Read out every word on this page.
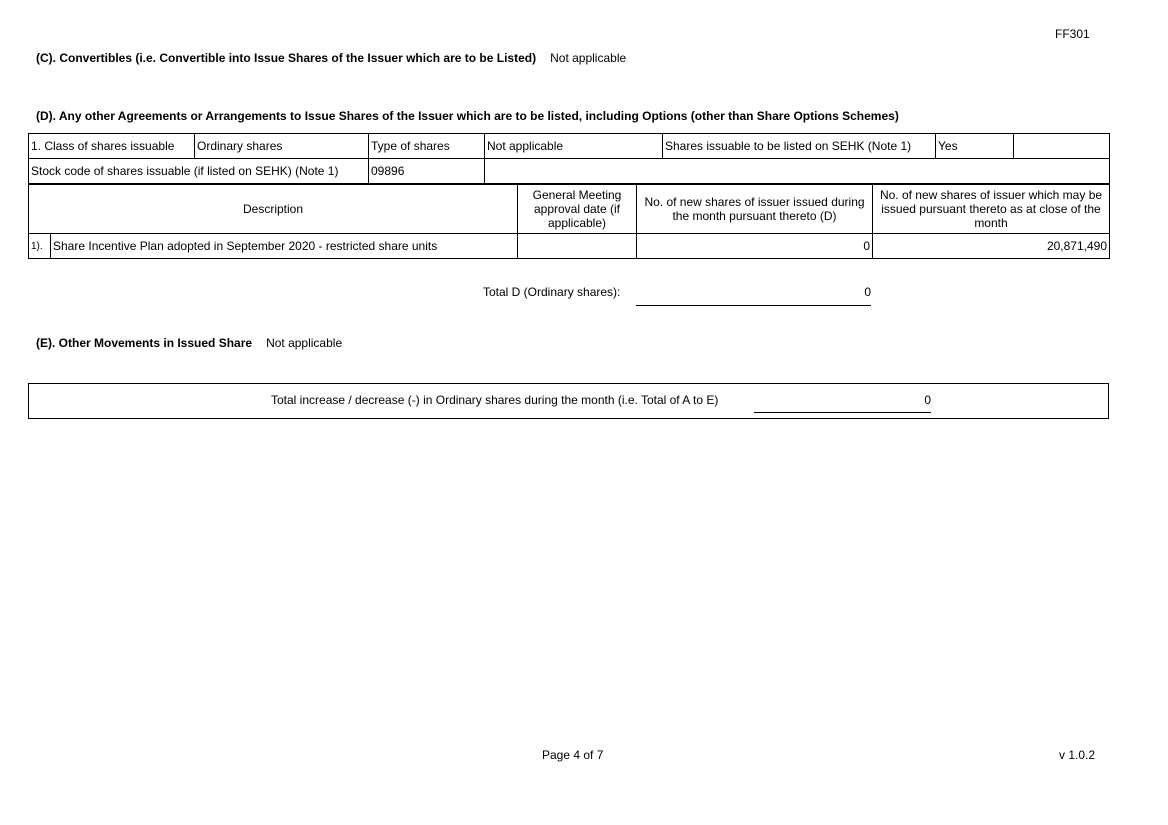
FF301
(C). Convertibles (i.e. Convertible into Issue Shares of the Issuer which are to be Listed) Not applicable
(D). Any other Agreements or Arrangements to Issue Shares of the Issuer which are to be listed, including Options (other than Share Options Schemes)
1. Class of shares issuable	Ordinary shares	Type of shares	Not applicable	Shares issuable to be listed on SEHK (Note 1)	Yes	
Stock code of shares issuable (if listed on SEHK) (Note 1)		09896				
Description		General Meeting approval date (if applicable)	No. of new shares of issuer issued during the month pursuant thereto (D)	No. of new shares of issuer which may be issued pursuant thereto as at close of the month
1).	Share Incentive Plan adopted in September 2020 - restricted share units		0	20,871,490
Total D (Ordinary shares):	0
(E). Other Movements in Issued Share Not applicable
Total increase / decrease (-) in Ordinary shares during the month (i.e. Total of A to E)	0
Page 4 of 7	v 1.0.2
